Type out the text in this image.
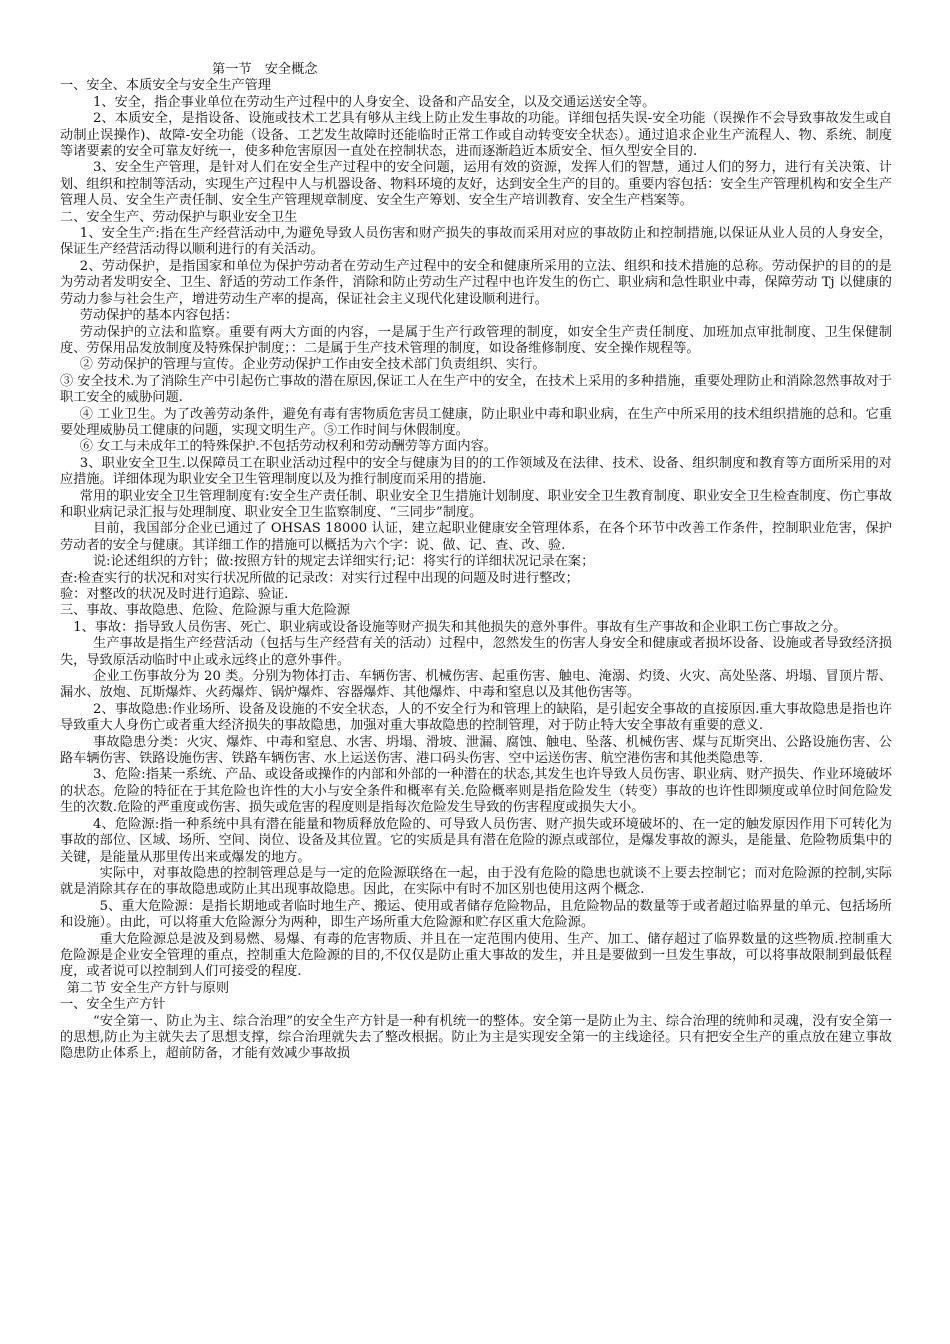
第一节　安全概念

一、安全、本质安全与安全生产管理

1、安全，指企事业单位在劳动生产过程中的人身安全、设备和产品安全，以及交通运送安全等。

2、本质安全，是指设备、设施或技术工艺具有够从主线上防止发生事故的功能。详细包括失误-安全功能（误操作不会导致事故发生或自动制止误操作)、故障-安全功能（设备、工艺发生故障时还能临时正常工作或自动转变安全状态）。通过追求企业生产流程人、物、系统、制度等诸要素的安全可靠友好统一，使多种危害原因一直处在控制状态，进而逐渐趋近本质安全、恒久型安全目的.

3、安全生产管理，是针对人们在安全生产过程中的安全问题，运用有效的资源，发挥人们的智慧，通过人们的努力，进行有关决策、计划、组织和控制等活动，实现生产过程中人与机器设备、物料环境的友好，达到安全生产的目的。重要内容包括：安全生产管理机构和安全生产管理人员、安全生产责任制、安全生产管理规章制度、安全生产筹划、安全生产培训教育、安全生产档案等。

二、安全生产、劳动保护与职业安全卫生

1、安全生产:指在生产经营活动中,为避免导致人员伤害和财产损失的事故而采用对应的事故防止和控制措施,以保证从业人员的人身安全，保证生产经营活动得以顺利进行的有关活动。

2、劳动保护，是指国家和单位为保护劳动者在劳动生产过程中的安全和健康所采用的立法、组织和技术措施的总称。劳动保护的目的的是为劳动者发明安全、卫生、舒适的劳动工作条件，消除和防止劳动生产过程中也许发生的伤亡、职业病和急性职业中毒，保障劳动 Tj 以健康的劳动力参与社会生产，增进劳动生产率的提高，保证社会主义现代化建设顺利进行。

劳动保护的基本内容包括：

劳动保护的立法和监察。重要有两大方面的内容，一是属于生产行政管理的制度，如安全生产责任制度、加班加点审批制度、卫生保健制度、劳保用品发放制度及特殊保护制度；：二是属于生产技术管理的制度，如设备维修制度、安全操作规程等。

② 劳动保护的管理与宣传。企业劳动保护工作由安全技术部门负责组织、实行。

③ 安全技术.为了消除生产中引起伤亡事故的潜在原因,保证工人在生产中的安全，在技术上采用的多种措施，重要处理防止和消除忽然事故对于职工安全的威胁问题.

④ 工业卫生。为了改善劳动条件，避免有毒有害物质危害员工健康，防止职业中毒和职业病，在生产中所采用的技术组织措施的总和。它重要处理威胁员工健康的问题，实现文明生产。⑤工作时间与休假制度。

⑥ 女工与未成年工的特殊保护.不包括劳动权利和劳动酬劳等方面内容。

3、职业安全卫生.以保障员工在职业活动过程中的安全与健康为目的的工作领域及在法律、技术、设备、组织制度和教育等方面所采用的对应措施。详细体现为职业安全卫生管理制度以及为推行制度而采用的措施.

常用的职业安全卫生管理制度有:安全生产责任制、职业安全卫生措施计划制度、职业安全卫生教育制度、职业安全卫生检查制度、伤亡事故和职业病记录汇报与处理制度、职业安全卫生监察制度、“三同步”制度。

目前，我国部分企业已通过了 OHSAS 18000 认证，建立起职业健康安全管理体系，在各个环节中改善工作条件，控制职业危害，保护劳动者的安全与健康。其详细工作的措施可以概括为六个字：说、做、记、查、改、验.

说:论述组织的方针；做:按照方针的规定去详细实行;记：将实行的详细状况记录在案；

查:检查实行的状况和对实行状况所做的记录改：对实行过程中出现的问题及时进行整改；

验：对整改的状况及时进行追踪、验证.

三、事故、事故隐患、危险、危险源与重大危险源

1、事故：指导致人员伤害、死亡、职业病或设备设施等财产损失和其他损失的意外事件。事故有生产事故和企业职工伤亡事故之分。

生产事故是指生产经营活动（包括与生产经营有关的活动）过程中，忽然发生的伤害人身安全和健康或者损坏设备、设施或者导致经济损失，导致原活动临时中止或永远终止的意外事件。

企业工伤事故分为 20 类。分别为物体打击、车辆伤害、机械伤害、起重伤害、触电、淹溺、灼烫、火灾、高处坠落、坍塌、冒顶片帮、漏水、放炮、瓦斯爆炸、火药爆炸、锅炉爆炸、容器爆炸、其他爆炸、中毒和窒息以及其他伤害等。

2、事故隐患:作业场所、设备及设施的不安全状态，人的不安全行为和管理上的缺陷，是引起安全事故的直接原因.重大事故隐患是指也许导致重大人身伤亡或者重大经济损失的事故隐患，加强对重大事故隐患的控制管理，对于防止特大安全事故有重要的意义.

事故隐患分类：火灾、爆炸、中毒和窒息、水害、坍塌、滑坡、泄漏、腐蚀、触电、坠落、机械伤害、煤与瓦斯突出、公路设施伤害、公路车辆伤害、铁路设施伤害、铁路车辆伤害、水上运送伤害、港口码头伤害、空中运送伤害、航空港伤害和其他类隐患等.

3、危险:指某一系统、产品、或设备或操作的内部和外部的一种潜在的状态,其发生也许导致人员伤害、职业病、财产损失、作业环境破坏的状态。危险的特征在于其危险也许性的大小与安全条件和概率有关.危险概率则是指危险发生（转变）事故的也许性即频度或单位时间危险发生的次数.危险的严重度或伤害、损失或危害的程度则是指每次危险发生导致的伤害程度或损失大小。

4、危险源:指一种系统中具有潜在能量和物质释放危险的、可导致人员伤害、财产损失或环境破坏的、在一定的触发原因作用下可转化为事故的部位、区域、场所、空间、岗位、设备及其位置。它的实质是具有潜在危险的源点或部位，是爆发事故的源头，是能量、危险物质集中的关键，是能量从那里传出来或爆发的地方。

实际中，对事故隐患的控制管理总是与一定的危险源联络在一起，由于没有危险的隐患也就谈不上要去控制它；而对危险源的控制,实际就是消除其存在的事故隐患或防止其出现事故隐患。因此，在实际中有时不加区别也使用这两个概念.

5、重大危险源：是指长期地或者临时地生产、搬运、使用或者储存危险物品，且危险物品的数量等于或者超过临界量的单元、包括场所和设施）。由此，可以将重大危险源分为两种，即生产场所重大危险源和贮存区重大危险源。

重大危险源总是波及到易燃、易爆、有毒的危害物质、并且在一定范围内使用、生产、加工、储存超过了临界数量的这些物质.控制重大危险源是企业安全管理的重点，控制重大危险源的目的,不仅仅是防止重大事故的发生，并且是要做到一旦发生事故，可以将事故限制到最低程度，或者说可以控制到人们可接受的程度.

第二节 安全生产方针与原则

一、安全生产方针

“安全第一、防止为主、综合治理”的安全生产方针是一种有机统一的整体。安全第一是防止为主、综合治理的统帅和灵魂，没有安全第一的思想,防止为主就失去了思想支撑，综合治理就失去了整改根据。防止为主是实现安全第一的主线途径。只有把安全生产的重点放在建立事故隐患防止体系上，超前防备，才能有效减少事故损
